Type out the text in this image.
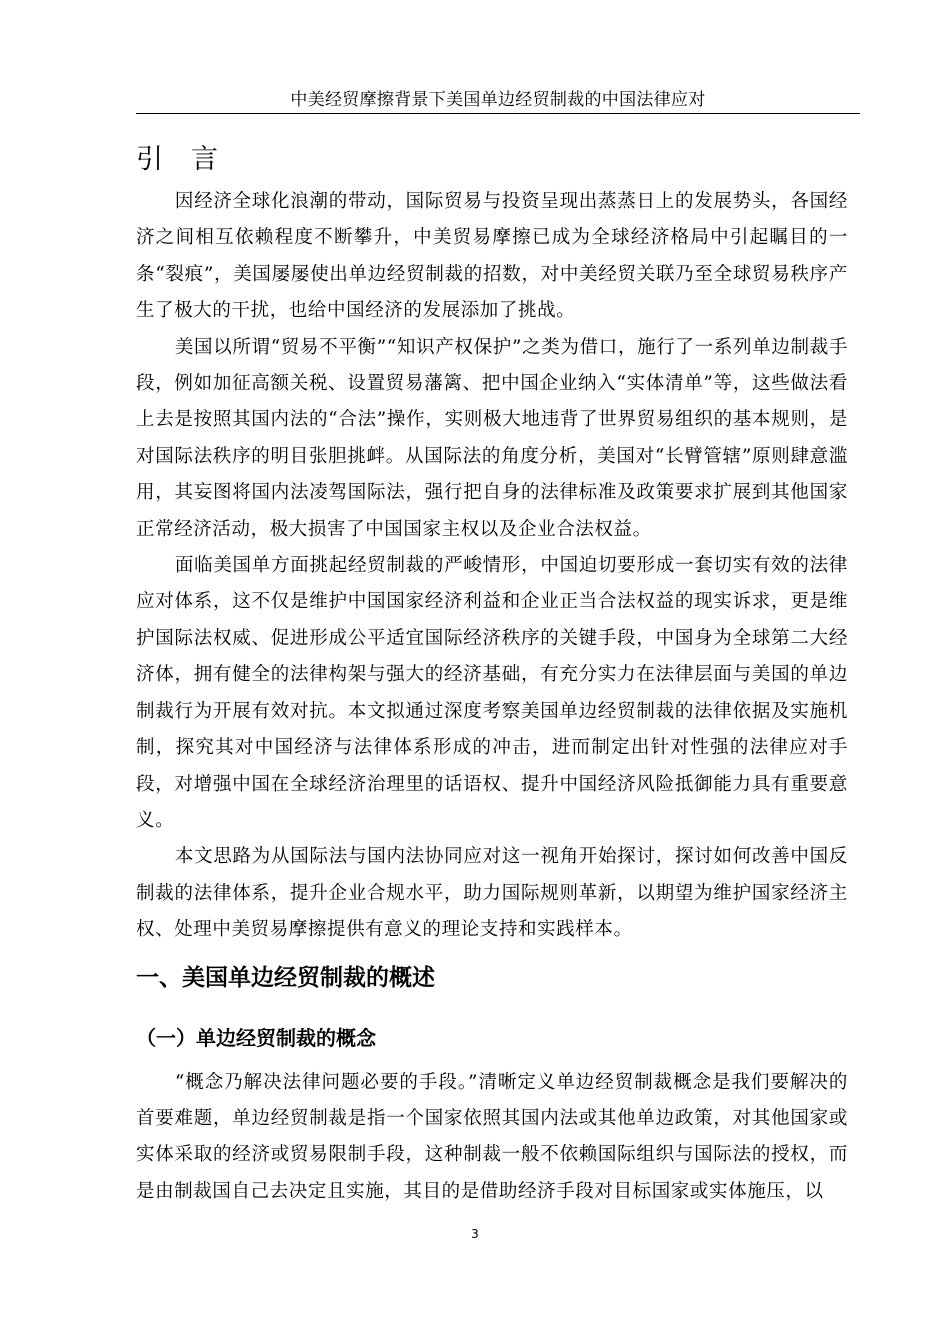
中美经贸摩擦背景下美国单边经贸制裁的中国法律应对
引 言

因经济全球化浪潮的带动，国际贸易与投资呈现出蒸蒸日上的发展势头，各国经济之间相互依赖程度不断攀升，中美贸易摩擦已成为全球经济格局中引起瞩目的一条“裂痕”，美国屡屡使出单边经贸制裁的招数，对中美经贸关联乃至全球贸易秩序产生了极大的干扰，也给中国经济的发展添加了挑战。

美国以所谓“贸易不平衡”“知识产权保护”之类为借口，施行了一系列单边制裁手段，例如加征高额关税、设置贸易藩篱、把中国企业纳入“实体清单”等，这些做法看上去是按照其国内法的“合法”操作，实则极大地违背了世界贸易组织的基本规则，是对国际法秩序的明目张胆挑衅。从国际法的角度分析，美国对“长臂管辖”原则肆意滥用，其妄图将国内法凌驾国际法，强行把自身的法律标准及政策要求扩展到其他国家正常经济活动，极大损害了中国国家主权以及企业合法权益。

面临美国单方面挑起经贸制裁的严峻情形，中国迫切要形成一套切实有效的法律应对体系，这不仅是维护中国国家经济利益和企业正当合法权益的现实诉求，更是维护国际法权威、促进形成公平适宜国际经济秩序的关键手段，中国身为全球第二大经济体，拥有健全的法律构架与强大的经济基础，有充分实力在法律层面与美国的单边制裁行为开展有效对抗。本文拟通过深度考察美国单边经贸制裁的法律依据及实施机制，探究其对中国经济与法律体系形成的冲击，进而制定出针对性强的法律应对手段，对增强中国在全球经济治理里的话语权、提升中国经济风险抵御能力具有重要意义。

本文思路为从国际法与国内法协同应对这一视角开始探讨，探讨如何改善中国反制裁的法律体系，提升企业合规水平，助力国际规则革新，以期望为维护国家经济主权、处理中美贸易摩擦提供有意义的理论支持和实践样本。

一、美国单边经贸制裁的概述
（一）单边经贸制裁的概念

“概念乃解决法律问题必要的手段。”清晰定义单边经贸制裁概念是我们要解决的首要难题，单边经贸制裁是指一个国家依照其国内法或其他单边政策，对其他国家或实体采取的经济或贸易限制手段，这种制裁一般不依赖国际组织与国际法的授权，而是由制裁国自己去决定且实施，其目的是借助经济手段对目标国家或实体施压，以

3
